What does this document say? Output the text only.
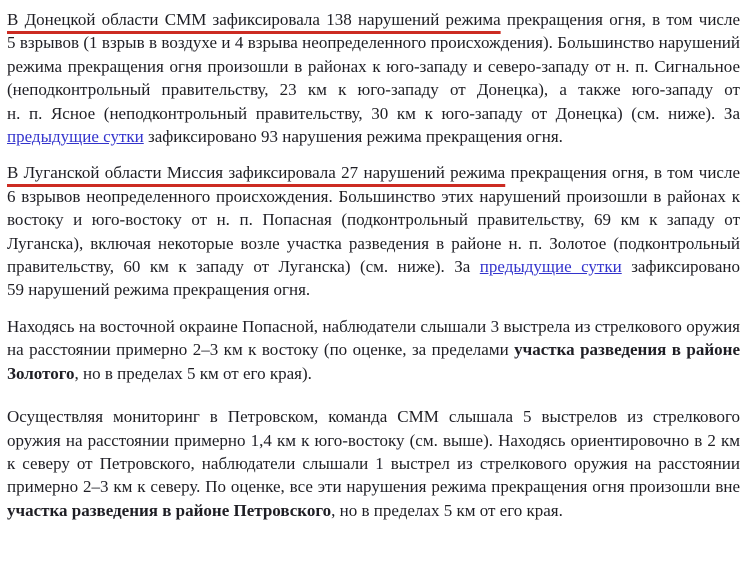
В Донецкой области СММ зафиксировала 138 нарушений режима прекращения огня, в том числе 5 взрывов (1 взрыв в воздухе и 4 взрыва неопределенного происхождения). Большинство нарушений режима прекращения огня произошли в районах к юго-западу и северо-западу от н. п. Сигнальное (неподконтрольный правительству, 23 км к юго-западу от Донецка), а также юго-западу от н. п. Ясное (неподконтрольный правительству, 30 км к юго-западу от Донецка) (см. ниже). За предыдущие сутки зафиксировано 93 нарушения режима прекращения огня.

В Луганской области Миссия зафиксировала 27 нарушений режима прекращения огня, в том числе 6 взрывов неопределенного происхождения. Большинство этих нарушений произошли в районах к востоку и юго-востоку от н. п. Попасная (подконтрольный правительству, 69 км к западу от Луганска), включая некоторые возле участка разведения в районе н. п. Золотое (подконтрольный правительству, 60 км к западу от Луганска) (см. ниже). За предыдущие сутки зафиксировано 59 нарушений режима прекращения огня.

Находясь на восточной окраине Попасной, наблюдатели слышали 3 выстрела из стрелкового оружия на расстоянии примерно 2–3 км к востоку (по оценке, за пределами участка разведения в районе Золотого, но в пределах 5 км от его края).

Осуществляя мониторинг в Петровском, команда СММ слышала 5 выстрелов из стрелкового оружия на расстоянии примерно 1,4 км к юго-востоку (см. выше). Находясь ориентировочно в 2 км к северу от Петровского, наблюдатели слышали 1 выстрел из стрелкового оружия на расстоянии примерно 2–3 км к северу. По оценке, все эти нарушения режима прекращения огня произошли вне участка разведения в районе Петровского, но в пределах 5 км от его края.
